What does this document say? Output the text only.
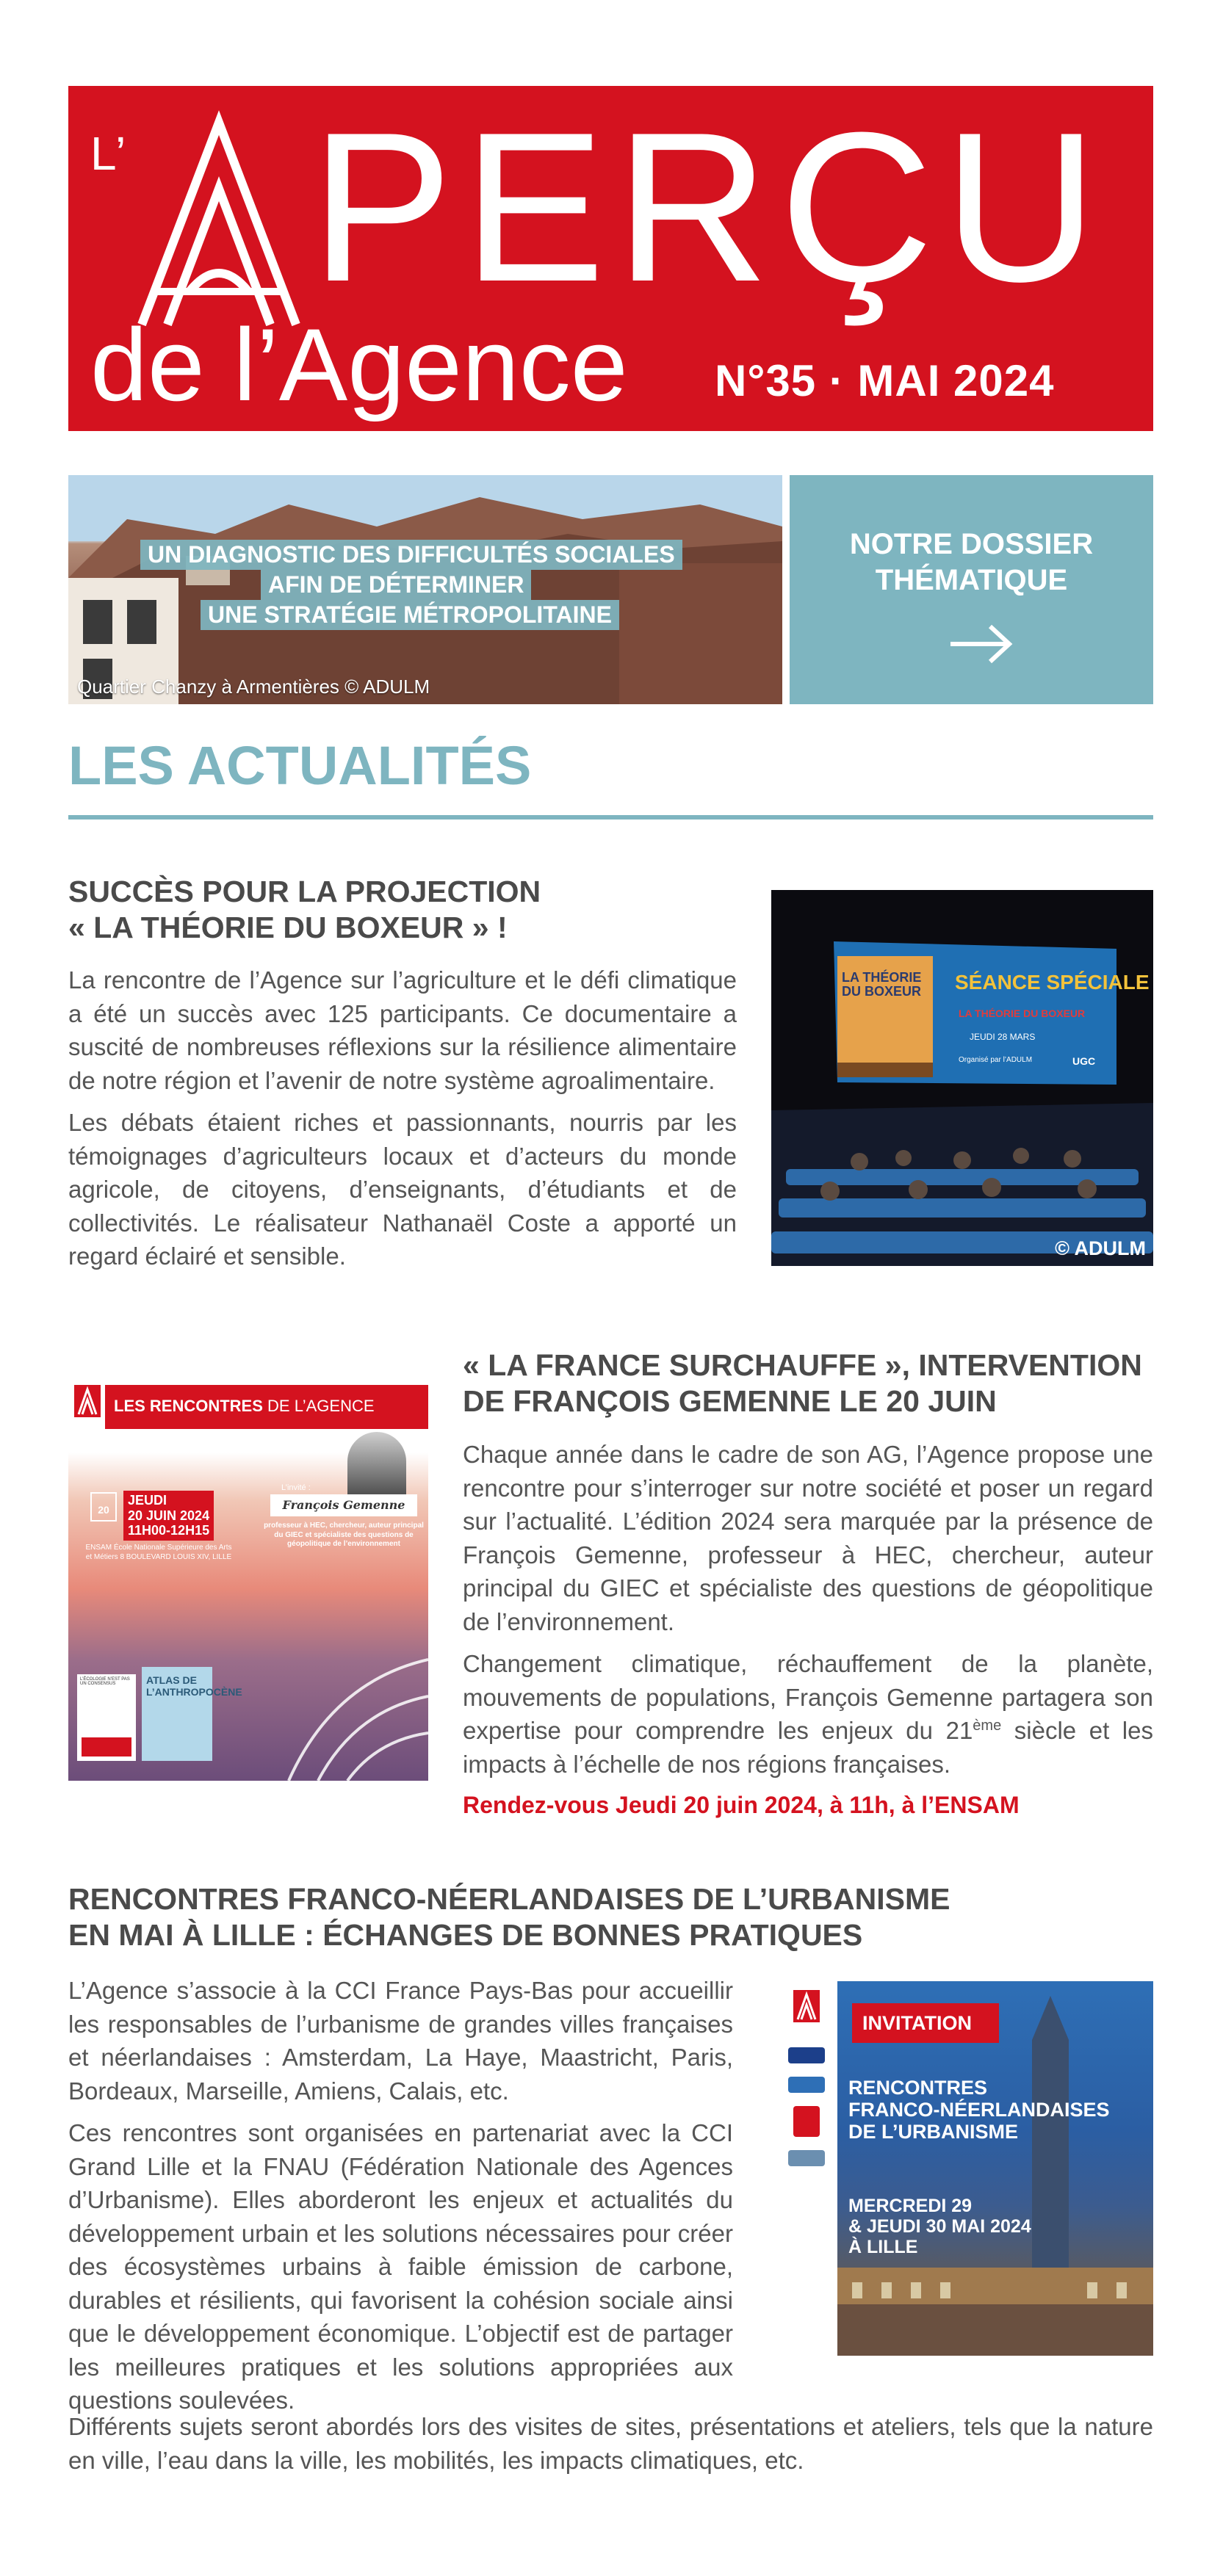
L’ PERÇU
de l’Agence N°35 · MAI 2024
UN DIAGNOSTIC DES DIFFICULTÉS SOCIALES
AFIN DE DÉTERMINER
UNE STRATÉGIE MÉTROPOLITAINE
Quartier Chanzy à Armentières © ADULM
NOTRE DOSSIER
THÉMATIQUE
LES ACTUALITÉS
SUCCÈS POUR LA PROJECTION
« LA THÉORIE DU BOXEUR » !

La rencontre de l’Agence sur l’agriculture et le défi climatique a été un succès avec 125 participants. Ce documentaire a suscité de nombreuses réflexions sur la résilience alimentaire de notre région et l’avenir de notre système agroalimentaire.

Les débats étaient riches et passionnants, nourris par les témoignages d’agriculteurs locaux et d’acteurs du monde agricole, de citoyens, d’enseignants, d’étudiants et de collectivités. Le réalisateur Nathanaël Coste a apporté un regard éclairé et sensible.

LA THÉORIE DU BOXEUR	SÉANCE SPÉCIALE
LA THÉORIE DU BOXEUR
JEUDI 28 MARS
Organisé par l’ADULM	UGC
© ADULM
LES RENCONTRES DE L’AGENCE
LA FRANCE SURCHAUFFE...
20
JEUDI
20 JUIN 2024
11H00-12H15
ENSAM École Nationale Supérieure des Arts et Métiers 8 BOULEVARD LOUIS XIV, LILLE
L’invité :
François Gemenne
professeur à HEC, chercheur, auteur principal du GIEC et spécialiste des questions de géopolitique de l’environnement
L’ÉCOLOGIE N’EST PAS UN CONSENSUS	ATLAS DE L’ANTHROPOCÈNE
« LA FRANCE SURCHAUFFE », INTERVENTION
DE FRANÇOIS GEMENNE LE 20 JUIN

Chaque année dans le cadre de son AG, l’Agence propose une rencontre pour s’interroger sur notre société et poser un regard sur l’actualité. L’édition 2024 sera marquée par la présence de François Gemenne, professeur à HEC, chercheur, auteur principal du GIEC et spécialiste des questions de géopolitique de l’environnement.

Changement climatique, réchauffement de la planète, mouvements de populations, François Gemenne partagera son expertise pour comprendre les enjeux du 21ème siècle et les impacts à l’échelle de nos régions françaises.

Rendez-vous Jeudi 20 juin 2024, à 11h, à l’ENSAM
RENCONTRES FRANCO-NÉERLANDAISES DE L’URBANISME
EN MAI À LILLE : ÉCHANGES DE BONNES PRATIQUES

L’Agence s’associe à la CCI France Pays-Bas pour accueillir les responsables de l’urbanisme de grandes villes françaises et néerlandaises : Amsterdam, La Haye, Maastricht, Paris, Bordeaux, Marseille, Amiens, Calais, etc.

Ces rencontres sont organisées en partenariat avec la CCI Grand Lille et la FNAU (Fédération Nationale des Agences d’Urbanisme). Elles aborderont les enjeux et actualités du développement urbain et les solutions nécessaires pour créer des écosystèmes urbains à faible émission de carbone, durables et résilients, qui favorisent la cohésion sociale ainsi que le développement économique. L’objectif est de partager les meilleures pratiques et les solutions appropriées aux questions soulevées.

Différents sujets seront abordés lors des visites de sites, présentations et ateliers, tels que la nature en ville, l’eau dans la ville, les mobilités, les impacts climatiques, etc.

INVITATION
RENCONTRES
FRANCO-NÉERLANDAISES
DE L’URBANISME
MERCREDI 29
& JEUDI 30 MAI 2024
À LILLE
